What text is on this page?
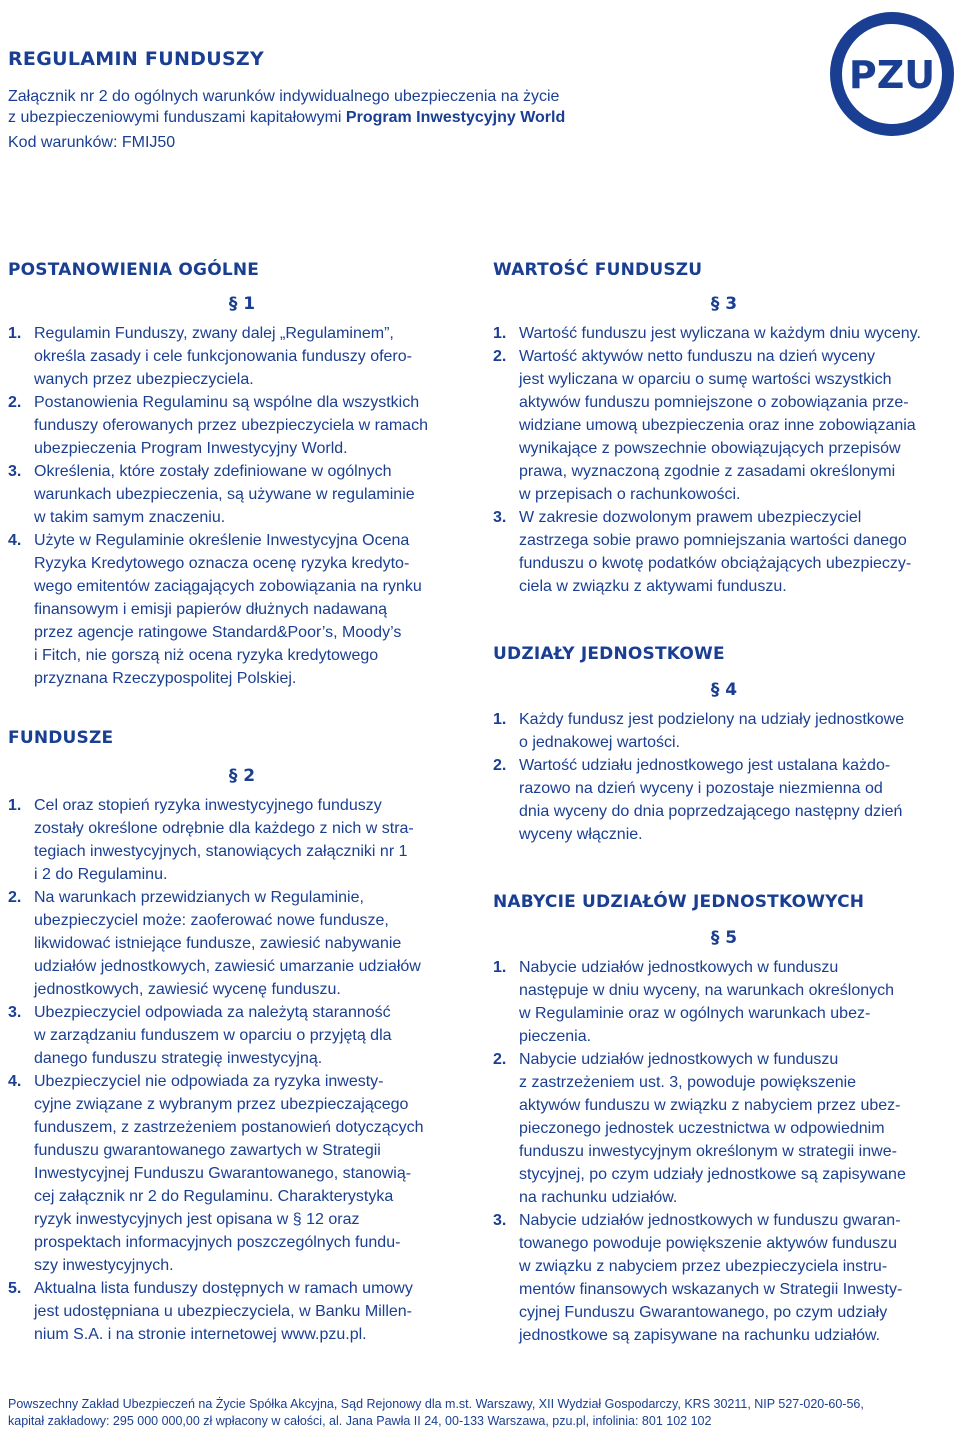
REGULAMIN FUNDUSZY

Załącznik nr 2 do ogólnych warunków indywidualnego ubezpieczenia na życie

z ubezpieczeniowymi funduszami kapitałowymi Program Inwestycyjny World

Kod warunków: FMIJ50

PZU
POSTANOWIENIA OGÓLNE
§ 1
1. Regulamin Funduszy, zwany dalej „Regulaminem”,
określa zasady i cele funkcjonowania funduszy ofero-
wanych przez ubezpieczyciela.
2. Postanowienia Regulaminu są wspólne dla wszystkich
funduszy oferowanych przez ubezpieczyciela w ramach
ubezpieczenia Program Inwestycyjny World.
3. Określenia, które zostały zdefiniowane w ogólnych
warunkach ubezpieczenia, są używane w regulaminie
w takim samym znaczeniu.
4. Użyte w Regulaminie określenie Inwestycyjna Ocena
Ryzyka Kredytowego oznacza ocenę ryzyka kredyto-
wego emitentów zaciągających zobowiązania na rynku
finansowym i emisji papierów dłużnych nadawaną
przez agencje ratingowe Standard&Poor’s, Moody’s
i Fitch, nie gorszą niż ocena ryzyka kredytowego
przyznana Rzeczypospolitej Polskiej.
FUNDUSZE
§ 2
1. Cel oraz stopień ryzyka inwestycyjnego funduszy
zostały określone odrębnie dla każdego z nich w stra-
tegiach inwestycyjnych, stanowiących załączniki nr 1
i 2 do Regulaminu.
2. Na warunkach przewidzianych w Regulaminie,
ubezpieczyciel może: zaoferować nowe fundusze,
likwidować istniejące fundusze, zawiesić nabywanie
udziałów jednostkowych, zawiesić umarzanie udziałów
jednostkowych, zawiesić wycenę funduszu.
3. Ubezpieczyciel odpowiada za należytą staranność
w zarządzaniu funduszem w oparciu o przyjętą dla
danego funduszu strategię inwestycyjną.
4. Ubezpieczyciel nie odpowiada za ryzyka inwesty-
cyjne związane z wybranym przez ubezpieczającego
funduszem, z zastrzeżeniem postanowień dotyczących
funduszu gwarantowanego zawartych w Strategii
Inwestycyjnej Funduszu Gwarantowanego, stanowią-
cej załącznik nr 2 do Regulaminu. Charakterystyka
ryzyk inwestycyjnych jest opisana w § 12 oraz
prospektach informacyjnych poszczególnych fundu-
szy inwestycyjnych.
5. Aktualna lista funduszy dostępnych w ramach umowy
jest udostępniana u ubezpieczyciela, w Banku Millen-
nium S.A. i na stronie internetowej www.pzu.pl.
WARTOŚĆ FUNDUSZU
§ 3
1. Wartość funduszu jest wyliczana w każdym dniu wyceny.
2. Wartość aktywów netto funduszu na dzień wyceny
jest wyliczana w oparciu o sumę wartości wszystkich
aktywów funduszu pomniejszone o zobowiązania prze-
widziane umową ubezpieczenia oraz inne zobowiązania
wynikające z powszechnie obowiązujących przepisów
prawa, wyznaczoną zgodnie z zasadami określonymi
w przepisach o rachunkowości.
3. W zakresie dozwolonym prawem ubezpieczyciel
zastrzega sobie prawo pomniejszania wartości danego
funduszu o kwotę podatków obciążających ubezpieczy-
ciela w związku z aktywami funduszu.
UDZIAŁY JEDNOSTKOWE
§ 4
1. Każdy fundusz jest podzielony na udziały jednostkowe
o jednakowej wartości.
2. Wartość udziału jednostkowego jest ustalana każdo-
razowo na dzień wyceny i pozostaje niezmienna od
dnia wyceny do dnia poprzedzającego następny dzień
wyceny włącznie.
NABYCIE UDZIAŁÓW JEDNOSTKOWYCH
§ 5
1. Nabycie udziałów jednostkowych w funduszu
następuje w dniu wyceny, na warunkach określonych
w Regulaminie oraz w ogólnych warunkach ubez-
pieczenia.
2. Nabycie udziałów jednostkowych w funduszu
z zastrzeżeniem ust. 3, powoduje powiększenie
aktywów funduszu w związku z nabyciem przez ubez-
pieczonego jednostek uczestnictwa w odpowiednim
funduszu inwestycyjnym określonym w strategii inwe-
stycyjnej, po czym udziały jednostkowe są zapisywane
na rachunku udziałów.
3. Nabycie udziałów jednostkowych w funduszu gwaran-
towanego powoduje powiększenie aktywów funduszu
w związku z nabyciem przez ubezpieczyciela instru-
mentów finansowych wskazanych w Strategii Inwesty-
cyjnej Funduszu Gwarantowanego, po czym udziały
jednostkowe są zapisywane na rachunku udziałów.
Powszechny Zakład Ubezpieczeń na Życie Spółka Akcyjna, Sąd Rejonowy dla m.st. Warszawy, XII Wydział Gospodarczy, KRS 30211, NIP 527-020-60-56,
kapitał zakładowy: 295 000 000,00 zł wpłacony w całości, al. Jana Pawła II 24, 00-133 Warszawa, pzu.pl, infolinia: 801 102 102
